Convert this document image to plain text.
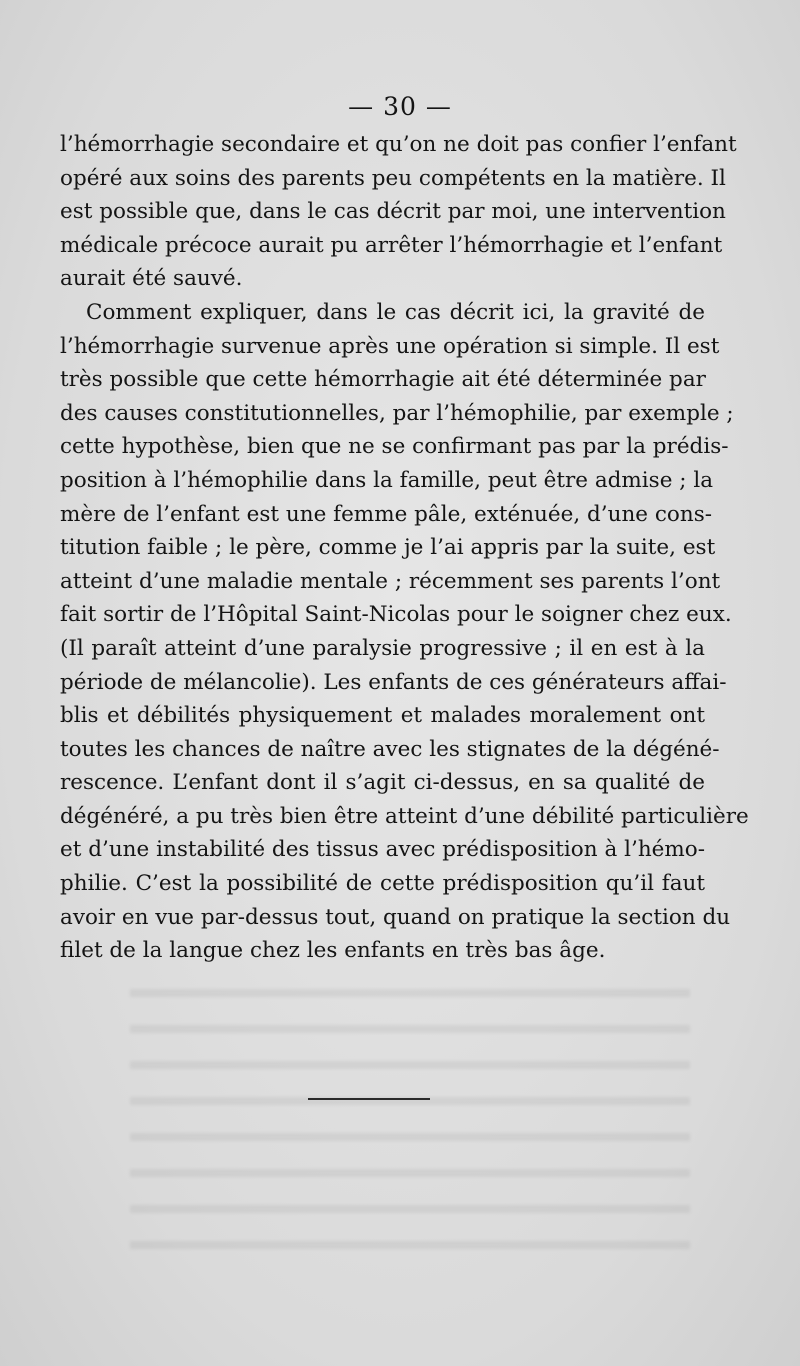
— 30 —
l’hémorrhagie secondaire et qu’on ne doit pas confier l’enfant
opéré aux soins des parents peu compétents en la matière. Il
est possible que, dans le cas décrit par moi, une intervention
médicale précoce aurait pu arrêter l’hémorrhagie et l’enfant
aurait été sauvé.
Comment expliquer, dans le cas décrit ici, la gravité de
l’hémorrhagie survenue après une opération si simple. Il est
très possible que cette hémorrhagie ait été déterminée par
des causes constitutionnelles, par l’hémophilie, par exemple ;
cette hypothèse, bien que ne se confirmant pas par la prédis-
position à l’hémophilie dans la famille, peut être admise ; la
mère de l’enfant est une femme pâle, exténuée, d’une cons-
titution faible ; le père, comme je l’ai appris par la suite, est
atteint d’une maladie mentale ; récemment ses parents l’ont
fait sortir de l’Hôpital Saint-Nicolas pour le soigner chez eux.
(Il paraît atteint d’une paralysie progressive ; il en est à la
période de mélancolie). Les enfants de ces générateurs affai-
blis et débilités physiquement et malades moralement ont
toutes les chances de naître avec les stignates de la dégéné-
rescence. L’enfant dont il s’agit ci-dessus, en sa qualité de
dégénéré, a pu très bien être atteint d’une débilité particulière
et d’une instabilité des tissus avec prédisposition à l’hémo-
philie. C’est la possibilité de cette prédisposition qu’il faut
avoir en vue par-dessus tout, quand on pratique la section du
filet de la langue chez les enfants en très bas âge.
